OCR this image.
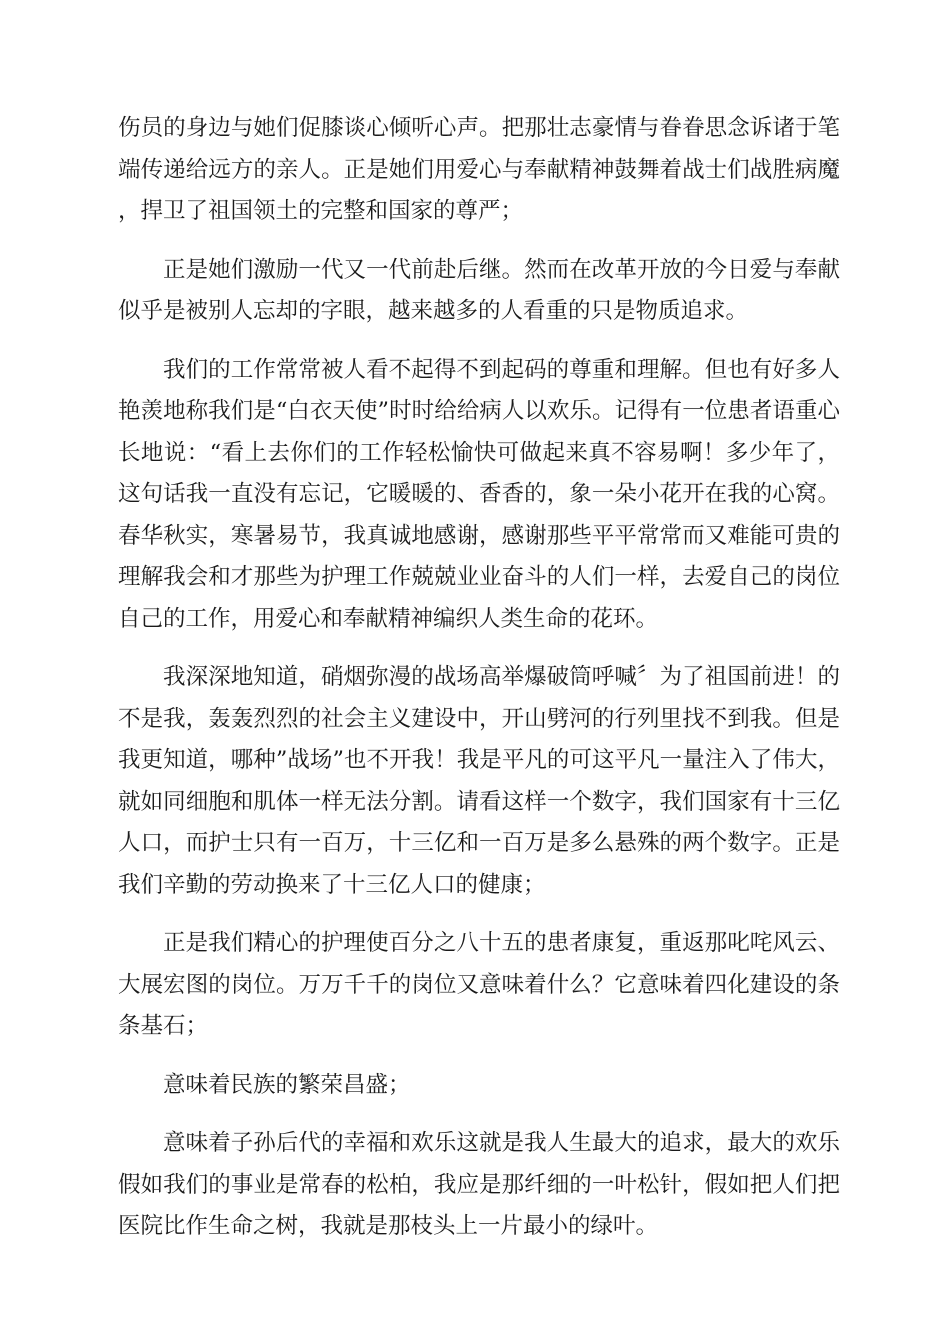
伤员的身边与她们促膝谈心倾听心声。把那壮志豪情与眷眷思念诉诸于笔端传递给远方的亲人。正是她们用爱心与奉献精神鼓舞着战士们战胜病魔，捍卫了祖国领土的完整和国家的尊严；

正是她们激励一代又一代前赴后继。然而在改革开放的今日爱与奉献似乎是被别人忘却的字眼，越来越多的人看重的只是物质追求。

我们的工作常常被人看不起得不到起码的尊重和理解。但也有好多人艳羡地称我们是“白衣天使”时时给给病人以欢乐。记得有一位患者语重心长地说：“看上去你们的工作轻松愉快可做起来真不容易啊！多少年了，这句话我一直没有忘记，它暖暖的、香香的，象一朵小花开在我的心窝。春华秋实，寒暑易节，我真诚地感谢，感谢那些平平常常而又难能可贵的理解我会和才那些为护理工作兢兢业业奋斗的人们一样，去爱自己的岗位自己的工作，用爱心和奉献精神编织人类生命的花环。

我深深地知道，硝烟弥漫的战场高举爆破筒呼喊〞为了祖国前进！的不是我，轰轰烈烈的社会主义建设中，开山劈河的行列里找不到我。但是我更知道，哪种”战场”也不开我！我是平凡的可这平凡一量注入了伟大，就如同细胞和肌体一样无法分割。请看这样一个数字，我们国家有十三亿人口，而护士只有一百万，十三亿和一百万是多么悬殊的两个数字。正是我们辛勤的劳动换来了十三亿人口的健康；

正是我们精心的护理使百分之八十五的患者康复，重返那叱咤风云、大展宏图的岗位。万万千千的岗位又意味着什么？它意味着四化建设的条条基石；

意味着民族的繁荣昌盛；

意味着子孙后代的幸福和欢乐这就是我人生最大的追求，最大的欢乐假如我们的事业是常春的松柏，我应是那纤细的一叶松针，假如把人们把医院比作生命之树，我就是那枝头上一片最小的绿叶。
